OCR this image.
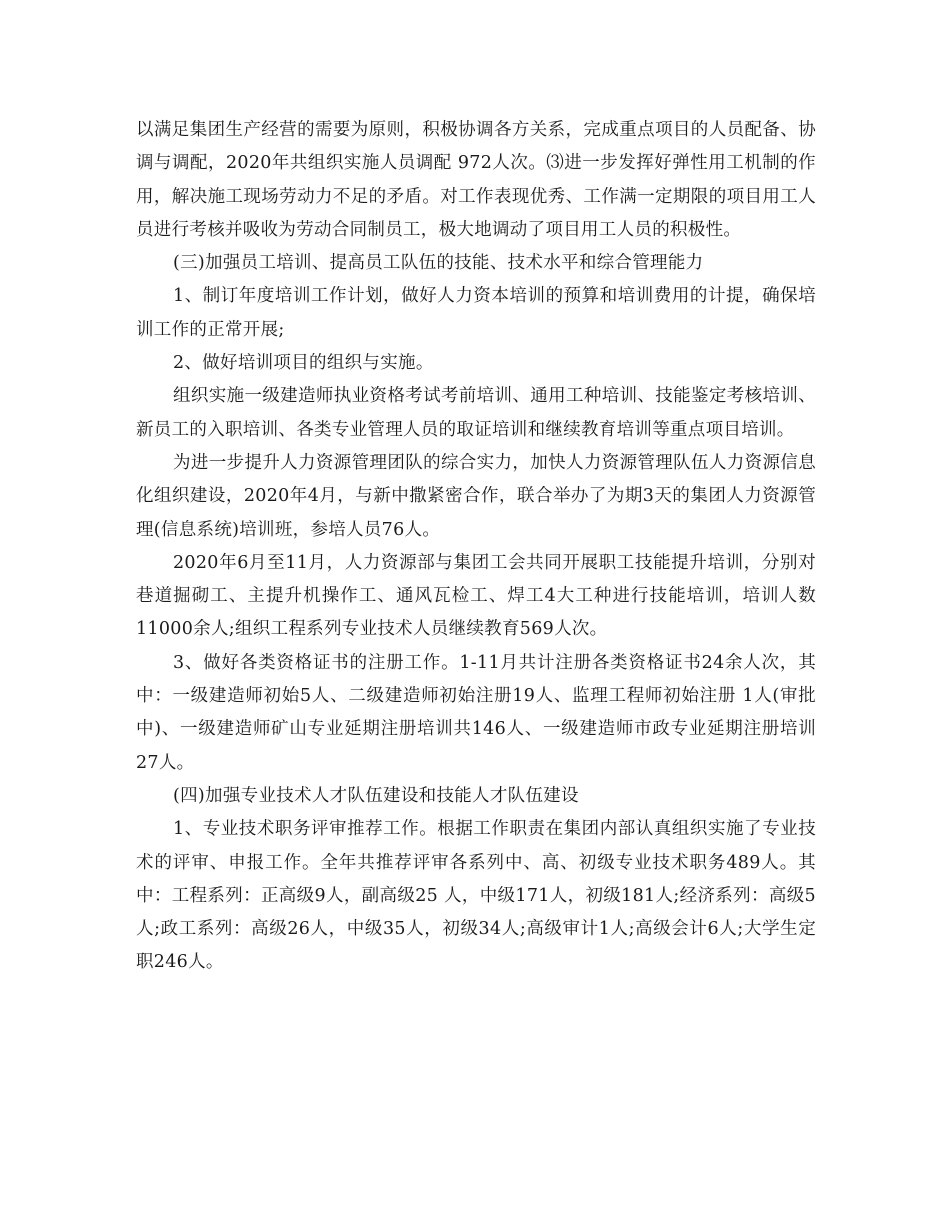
以满足集团生产经营的需要为原则，积极协调各方关系，完成重点项目的人员配备、协调与调配，2020年共组织实施人员调配 972人次。⑶进一步发挥好弹性用工机制的作用，解决施工现场劳动力不足的矛盾。对工作表现优秀、工作满一定期限的项目用工人员进行考核并吸收为劳动合同制员工，极大地调动了项目用工人员的积极性。

(三)加强员工培训、提高员工队伍的技能、技术水平和综合管理能力

1、制订年度培训工作计划，做好人力资本培训的预算和培训费用的计提，确保培训工作的正常开展;

2、做好培训项目的组织与实施。

组织实施一级建造师执业资格考试考前培训、通用工种培训、技能鉴定考核培训、新员工的入职培训、各类专业管理人员的取证培训和继续教育培训等重点项目培训。

为进一步提升人力资源管理团队的综合实力，加快人力资源管理队伍人力资源信息化组织建设，2020年4月，与新中撒紧密合作，联合举办了为期3天的集团人力资源管理(信息系统)培训班，参培人员76人。

2020年6月至11月，人力资源部与集团工会共同开展职工技能提升培训，分别对巷道掘砌工、主提升机操作工、通风瓦检工、焊工4大工种进行技能培训，培训人数11000余人;组织工程系列专业技术人员继续教育569人次。

3、做好各类资格证书的注册工作。1-11月共计注册各类资格证书24余人次，其中：一级建造师初始5人、二级建造师初始注册19人、监理工程师初始注册 1人(审批中)、一级建造师矿山专业延期注册培训共146人、一级建造师市政专业延期注册培训27人。

(四)加强专业技术人才队伍建设和技能人才队伍建设

1、专业技术职务评审推荐工作。根据工作职责在集团内部认真组织实施了专业技术的评审、申报工作。全年共推荐评审各系列中、高、初级专业技术职务489人。其中：工程系列：正高级9人，副高级25 人，中级171人，初级181人;经济系列：高级5人;政工系列：高级26人，中级35人，初级34人;高级审计1人;高级会计6人;大学生定职246人。
